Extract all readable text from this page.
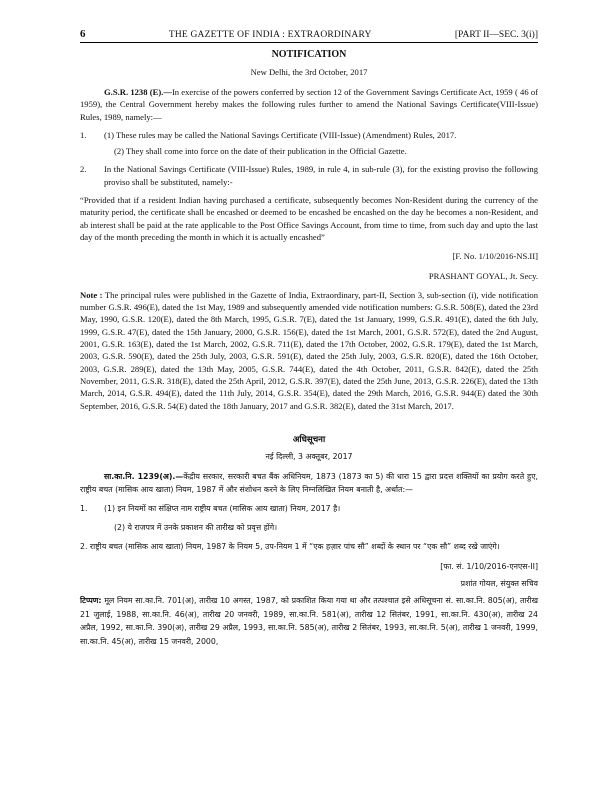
6	THE GAZETTE OF INDIA : EXTRAORDINARY	[PART II—SEC. 3(i)]
NOTIFICATION
New Delhi, the 3rd October, 2017

G.S.R. 1238 (E).—In exercise of the powers conferred by section 12 of the Government Savings Certificate Act, 1959 ( 46 of 1959), the Central Government hereby makes the following rules further to amend the National Savings Certificate(VIII-Issue) Rules, 1989, namely:—

1.	(1) These rules may be called the National Savings Certificate (VIII-Issue) (Amendment) Rules, 2017.

(2) They shall come into force on the date of their publication in the Official Gazette.

2.	In the National Savings Certificate (VIII-Issue) Rules, 1989, in rule 4, in sub-rule (3), for the existing proviso the following proviso shall be substituted, namely:-

“Provided that if a resident Indian having purchased a certificate, subsequently becomes Non-Resident during the currency of the maturity period, the certificate shall be encashed or deemed to be encashed be encashed on the day he becomes a non-Resident, and ab interest shall be paid at the rate applicable to the Post Office Savings Account, from time to time, from such day and upto the last day of the month preceding the month in which it is actually encashed”

[F. No. 1/10/2016-NS.II]

PRASHANT GOYAL, Jt. Secy.

Note : The principal rules were published in the Gazette of India, Extraordinary, part-II, Section 3, sub-section (i), vide notification number G.S.R. 496(E), dated the 1st May, 1989 and subsequently amended vide notification numbers: G.S.R. 508(E), dated the 23rd May, 1990, G.S.R. 120(E), dated the 8th March, 1995, G.S.R. 7(E), dated the 1st January, 1999, G.S.R. 491(E), dated the 6th July, 1999, G.S.R. 47(E), dated the 15th January, 2000, G.S.R. 156(E), dated the 1st March, 2001, G.S.R. 572(E), dated the 2nd August, 2001, G.S.R. 163(E), dated the 1st March, 2002, G.S.R. 711(E), dated the 17th October, 2002, G.S.R. 179(E), dated the 1st March, 2003, G.S.R. 590(E), dated the 25th July, 2003, G.S.R. 591(E), dated the 25th July, 2003, G.S.R. 820(E), dated the 16th October, 2003, G.S.R. 289(E), dated the 13th May, 2005, G.S.R. 744(E), dated the 4th October, 2011, G.S.R. 842(E), dated the 25th November, 2011, G.S.R. 318(E), dated the 25th April, 2012, G.S.R. 397(E), dated the 25th June, 2013, G.S.R. 226(E), dated the 13th March, 2014, G.S.R. 494(E), dated the 11th July, 2014, G.S.R. 354(E), dated the 29th March, 2016, G.S.R. 944(E) dated the 30th September, 2016, G.S.R. 54(E) dated the 18th January, 2017 and G.S.R. 382(E), dated the 31st March, 2017.

अधिसूचना
नई दिल्ली, 3 अक्तूबर, 2017

सा.का.नि. 1239(अ).—केंद्रीय सरकार, सरकारी बचत बैंक अधिनियम, 1873 (1873 का 5) की धारा 15 द्वारा प्रदत्त शक्तियों का प्रयोग करते हुए, राष्ट्रीय बचत (मासिक आय खाता) नियम, 1987 में और संशोधन करने के लिए निम्नलिखित नियम बनाती है, अर्थात:—

1.	(1) इन नियमों का संक्षिप्त नाम राष्ट्रीय बचत (मासिक आय खाता) नियम, 2017 है।

(2) ये राजपत्र में उनके प्रकाशन की तारीख को प्रवृत्त होंगे।

2. राष्ट्रीय बचत (मासिक आय खाता) नियम, 1987 के नियम 5, उप-नियम 1 में “एक हज़ार पांच सौ” शब्दों के स्थान पर “एक सौ” शब्द रखे जाएंगे।

[फा. सं. 1/10/2016-एनएस-II]

प्रशांत गोयल, संयुक्त सचिव

टिप्पण: मूल नियम सा.का.नि. 701(अ), तारीख 10 अगस्त, 1987, को प्रकाशित किया गया था और तत्पश्चात इसे अधिसूचना सं. सा.का.नि. 805(अ), तारीख 21 जुलाई, 1988, सा.का.नि. 46(अ), तारीख 20 जनवरी, 1989, सा.का.नि. 581(अ), तारीख 12 सितंबर, 1991, सा.का.नि. 430(अ), तारीख 24 अप्रैल, 1992, सा.का.नि. 390(अ), तारीख 29 अप्रैल, 1993, सा.का.नि. 585(अ), तारीख 2 सितंबर, 1993, सा.का.नि. 5(अ), तारीख 1 जनवरी, 1999, सा.का.नि. 45(अ), तारीख 15 जनवरी, 2000,
